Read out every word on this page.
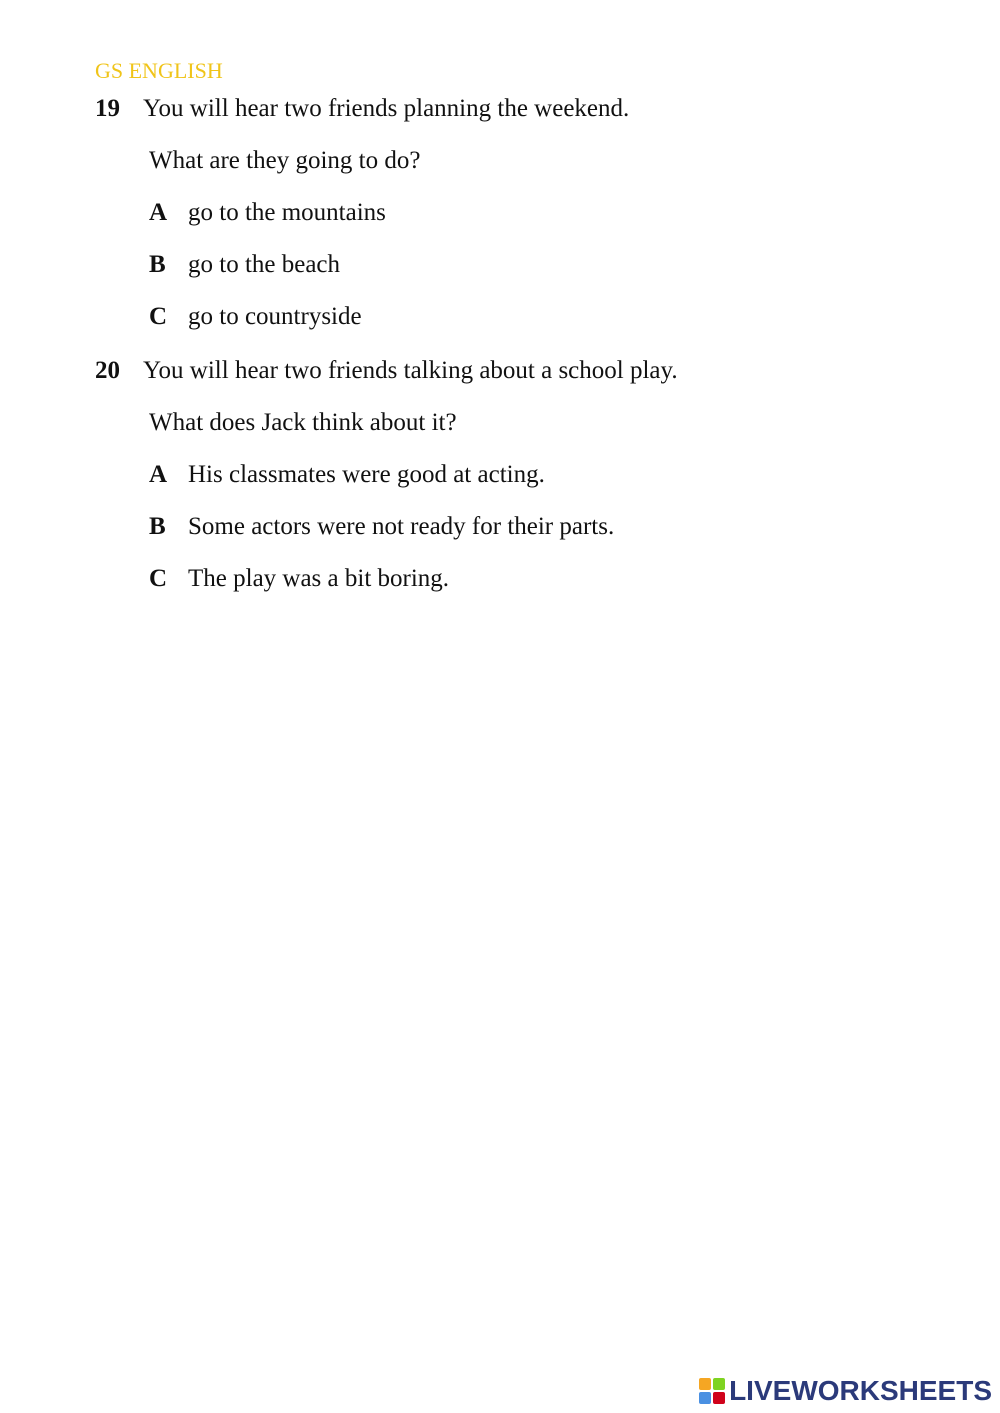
GS ENGLISH
19 You will hear two friends planning the weekend.
What are they going to do?
A go to the mountains
B go to the beach
C go to countryside
20 You will hear two friends talking about a school play.
What does Jack think about it?
A His classmates were good at acting.
B Some actors were not ready for their parts.
C The play was a bit boring.
LIVEWORKSHEETS
